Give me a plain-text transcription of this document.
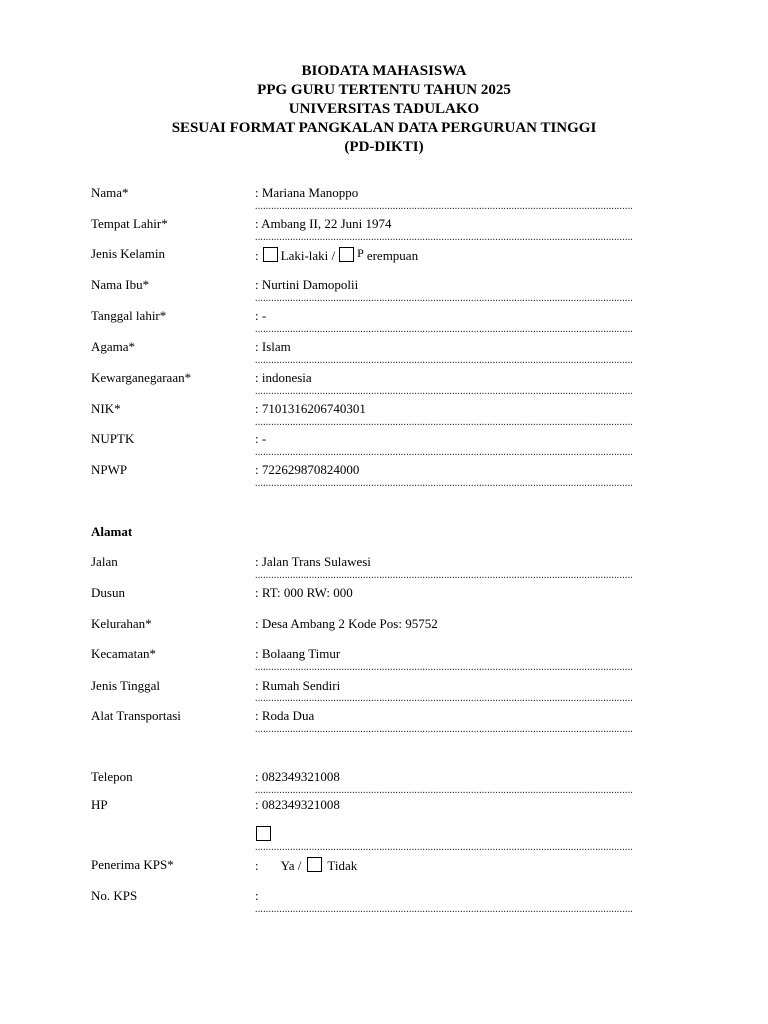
BIODATA MAHASISWA
PPG GURU TERTENTU TAHUN 2025
UNIVERSITAS TADULAKO
SESUAI FORMAT PANGKALAN DATA PERGURUAN TINGGI
(PD-DIKTI)
Nama*	: Mariana Manoppo
............................................................................................................................................
Tempat Lahir*	: Ambang II, 22 Juni 1974
............................................................................................................................................
Jenis Kelamin	: Laki-laki / $^P$ erempuan
Nama Ibu*	: Nurtini Damopolii
............................................................................................................................................
Tanggal lahir*	: -
............................................................................................................................................
Agama*	: Islam
............................................................................................................................................
Kewarganegaraan*	: indonesia
............................................................................................................................................
NIK*	: 7101316206740301
............................................................................................................................................
NUPTK	: -
............................................................................................................................................
NPWP	: 722629870824000
............................................................................................................................................
Alamat
Jalan	: Jalan Trans Sulawesi
............................................................................................................................................
Dusun	: RT: 000 RW: 000
Kelurahan*	: Desa Ambang 2 Kode Pos: 95752
Kecamatan*	: Bolaang Timur
............................................................................................................................................
Jenis Tinggal	: Rumah Sendiri
............................................................................................................................................
Alat Transportasi	: Roda Dua
............................................................................................................................................
Telepon	: 082349321008
............................................................................................................................................
HP	: 082349321008
............................................................................................................................................
Penerima KPS*	: Ya / Tidak
No. KPS	:
............................................................................................................................................
